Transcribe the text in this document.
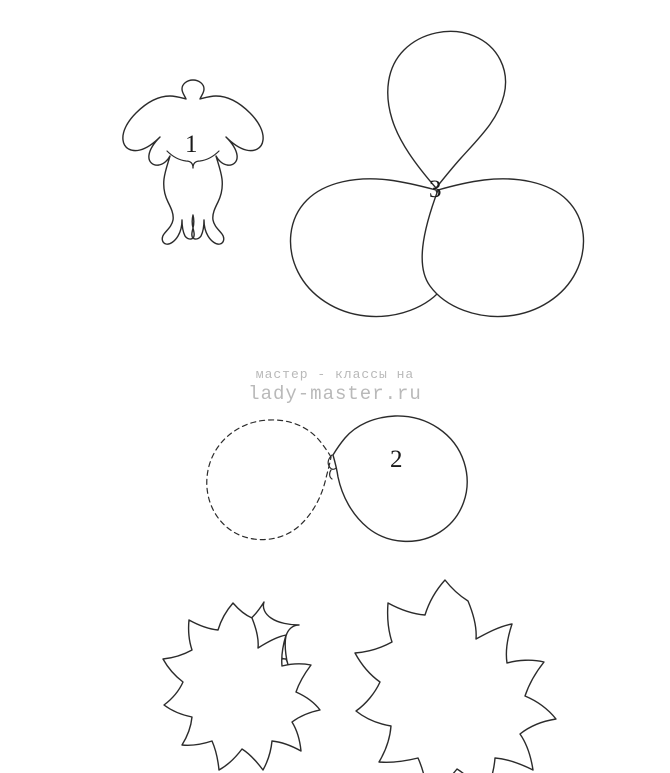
1
2
3
мастер - классы на
lady-master.ru
